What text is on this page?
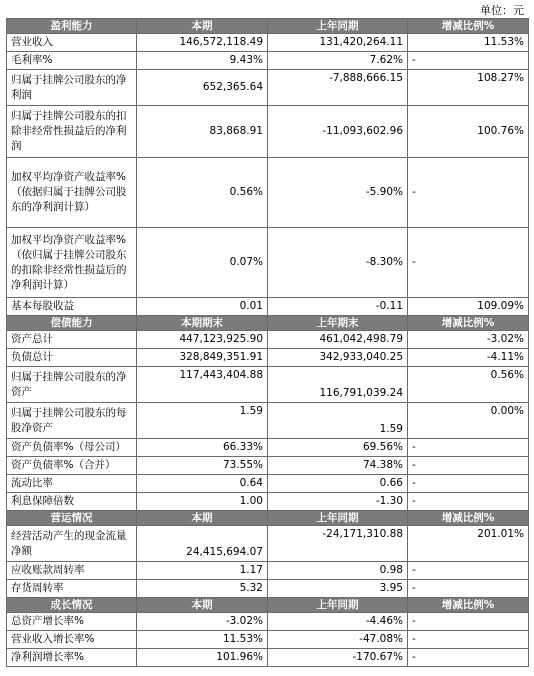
单位：元
盈利能力	本期	上年同期	增减比例%
营业收入	146,572,118.49	131,420,264.11	11.53%
毛利率%	9.43%	7.62%	-
归属于挂牌公司股东的净利润	652,365.64	-7,888,666.15	108.27%
归属于挂牌公司股东的扣除非经常性损益后的净利润	83,868.91	-11,093,602.96	100.76%
加权平均净资产收益率%（依据归属于挂牌公司股东的净利润计算）	0.56%	-5.90%	-
加权平均净资产收益率%（依归属于挂牌公司股东的扣除非经常性损益后的净利润计算）	0.07%	-8.30%	-
基本每股收益	0.01	-0.11	109.09%
偿债能力	本期期末	上年期末	增减比例%
资产总计	447,123,925.90	461,042,498.79	-3.02%
负债总计	328,849,351.91	342,933,040.25	-4.11%
归属于挂牌公司股东的净资产	117,443,404.88	116,791,039.24	0.56%
归属于挂牌公司股东的每股净资产	1.59	1.59	0.00%
资产负债率%（母公司）	66.33%	69.56%	-
资产负债率%（合并）	73.55%	74.38%	-
流动比率	0.64	0.66	-
利息保障倍数	1.00	-1.30	-
营运情况	本期	上年同期	增减比例%
经营活动产生的现金流量净额	24,415,694.07	-24,171,310.88	201.01%
应收账款周转率	1.17	0.98	-
存货周转率	5.32	3.95	-
成长情况	本期	上年同期	增减比例%
总资产增长率%	-3.02%	-4.46%	-
营业收入增长率%	11.53%	-47.08%	-
净利润增长率%	101.96%	-170.67%	-
